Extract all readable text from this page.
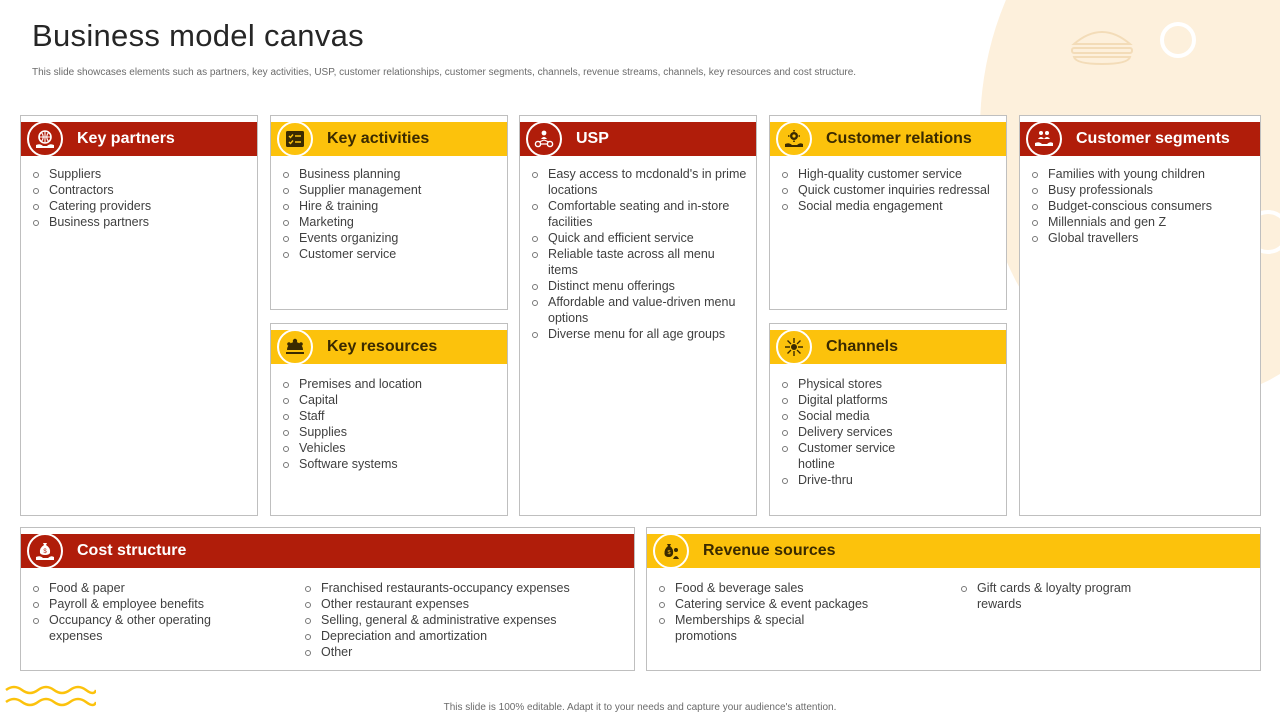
Business model canvas

This slide showcases elements such as partners, key activities, USP, customer relationships, customer segments, channels, revenue streams, channels, key resources and cost structure.

Key partners
Suppliers
Contractors
Catering providers
Business partners
Key activities
Business planning
Supplier management
Hire & training
Marketing
Events organizing
Customer service
Key resources
Premises and location
Capital
Staff
Supplies
Vehicles
Software systems
USP
Easy access to mcdonald's in prime locations
Comfortable seating and in-store facilities
Quick and efficient service
Reliable taste across all menu items
Distinct menu offerings
Affordable and value-driven menu options
Diverse menu for all age groups
Customer relations
High-quality customer service
Quick customer inquiries redressal
Social media engagement
Channels
Physical stores
Digital platforms
Social media
Delivery services
Customer service hotline
Drive-thru
Customer segments
Families with young children
Busy professionals
Budget-conscious consumers
Millennials and gen Z
Global travellers
$ Cost structure
Food & paper
Payroll & employee benefits
Occupancy & other operating expenses
Franchised restaurants-occupancy expenses
Other restaurant expenses
Selling, general & administrative expenses
Depreciation and amortization
Other
$ Revenue sources
Food & beverage sales
Catering service & event packages
Memberships & special promotions
Gift cards & loyalty program rewards
This slide is 100% editable. Adapt it to your needs and capture your audience's attention.
